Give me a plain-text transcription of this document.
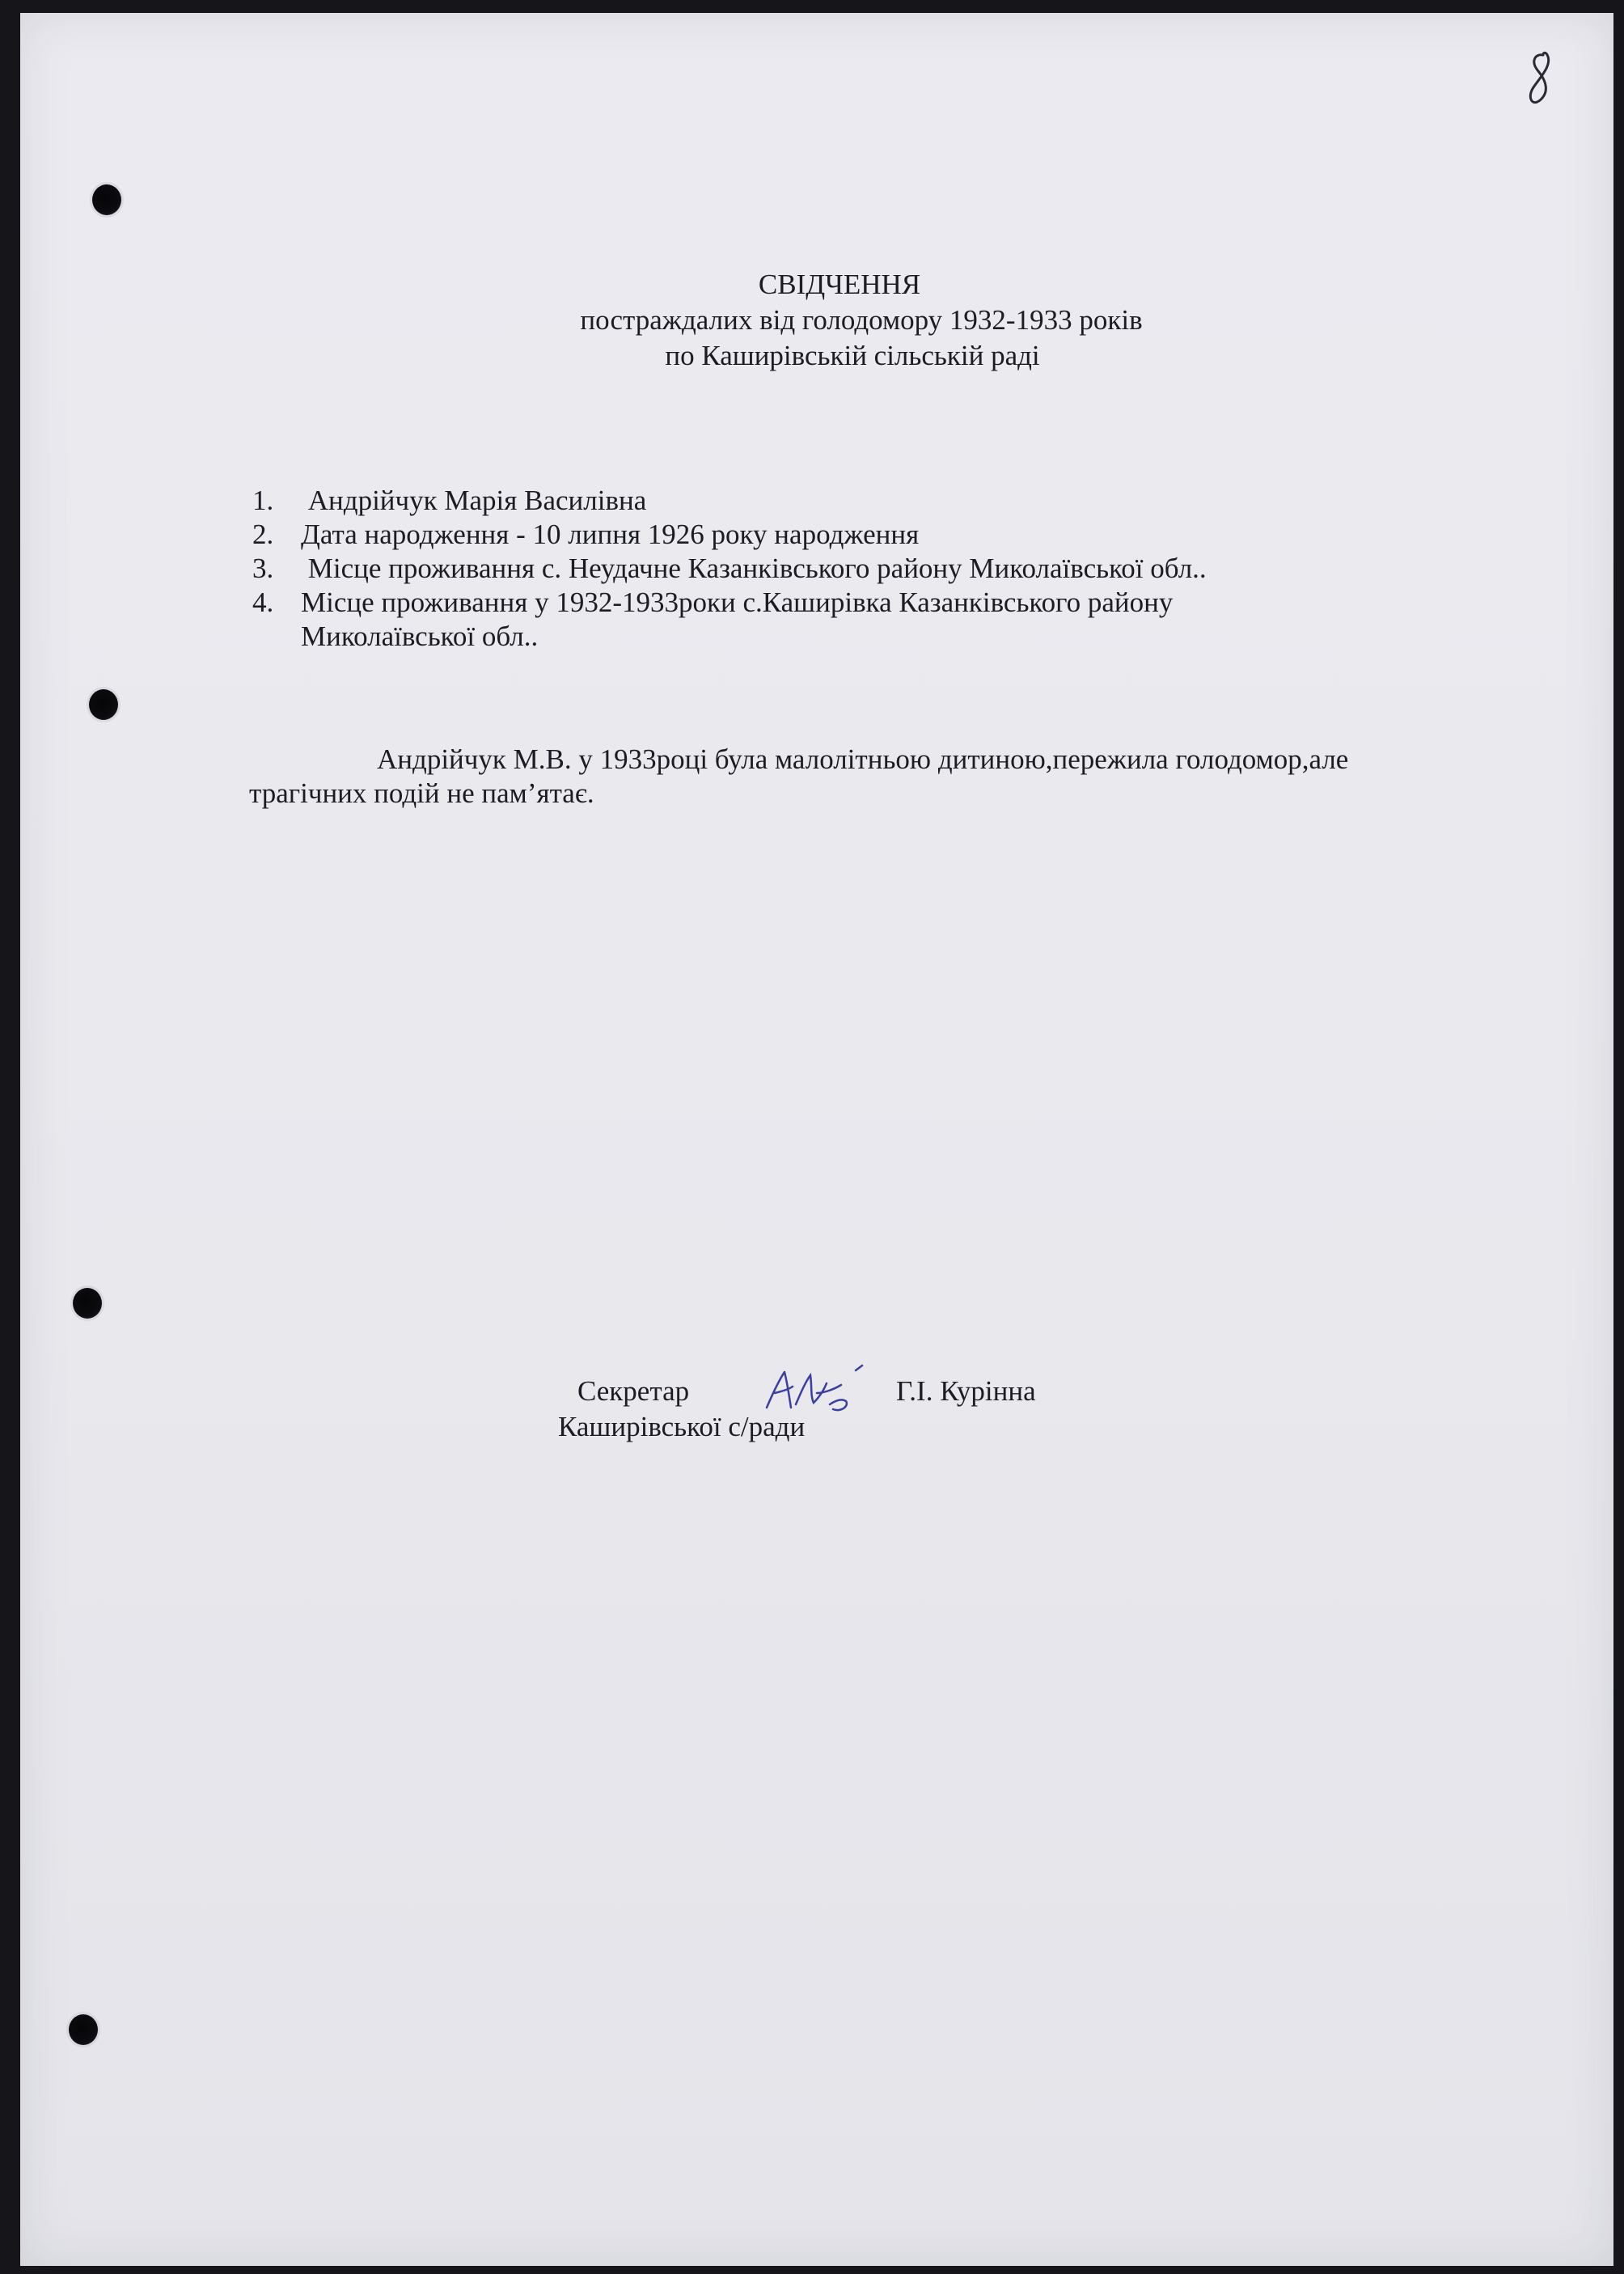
СВІДЧЕННЯ
постраждалих від голодомору 1932-1933 років
по Каширівській сільській раді
1. Андрійчук Марія Василівна
2. Дата народження - 10 липня 1926 року народження
3. Місце проживання с. Неудачне Казанківського району Миколаївської обл..
4. Місце проживання у 1932-1933роки с.Каширівка Казанківського району
Миколаївської обл..
Андрійчук М.В. у 1933році була малолітньою дитиною,пережила голодомор,але
трагічних подій не пам’ятає.
Секретар
Каширівської с/ради
Г.І. Курінна
